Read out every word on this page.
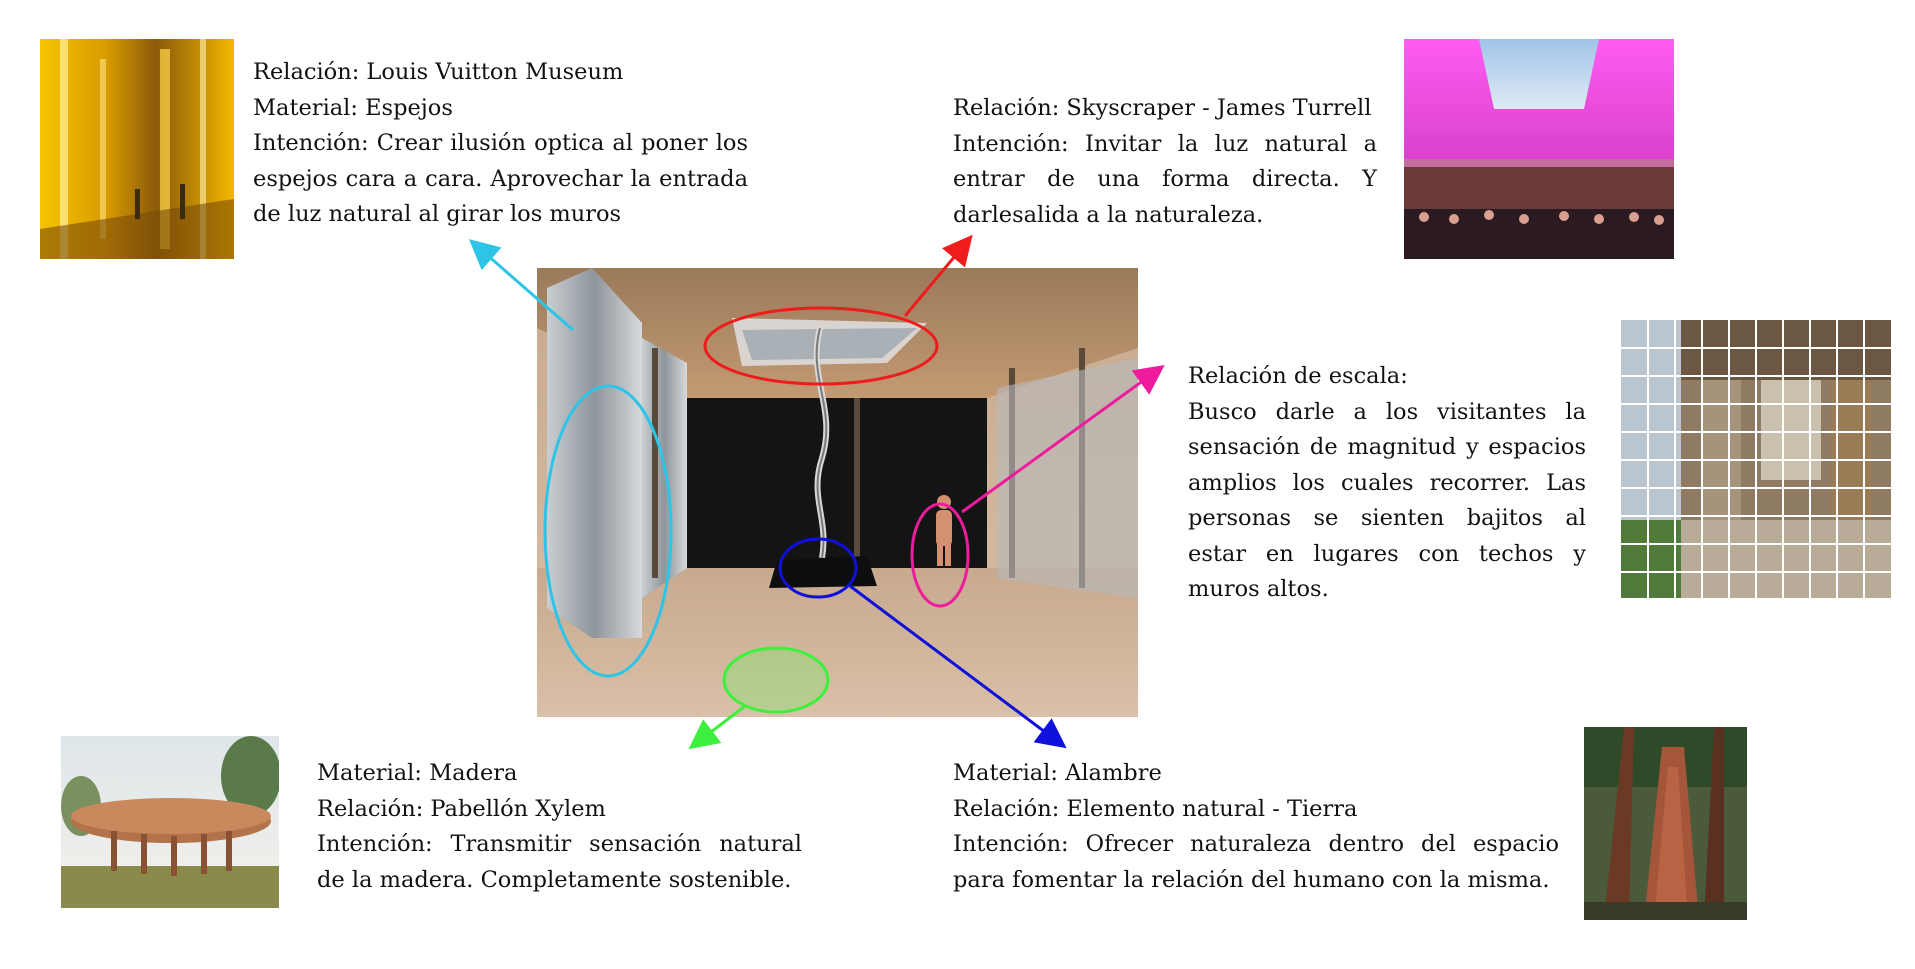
Relación: Louis Vuitton Museum
Material: Espejos
Intención: Crear ilusión optica al poner los espejos cara a cara. Aprovechar la entrada de luz natural al girar los muros
Relación: Skyscraper - James Turrell
Intención: Invitar la luz natural a entrar de una forma directa. Y darlesalida a la naturaleza.
Relación de escala:
Busco darle a los visitantes la sensación de magnitud y espacios amplios los cuales recorrer. Las personas se sienten bajitos al estar en lugares con techos y muros altos.
Material: Madera
Relación: Pabellón Xylem
Intención: Transmitir sensación natural de la madera. Completamente sostenible.
Material: Alambre
Relación: Elemento natural - Tierra
Intención: Ofrecer naturaleza dentro del espacio para fomentar la relación del humano con la misma.
